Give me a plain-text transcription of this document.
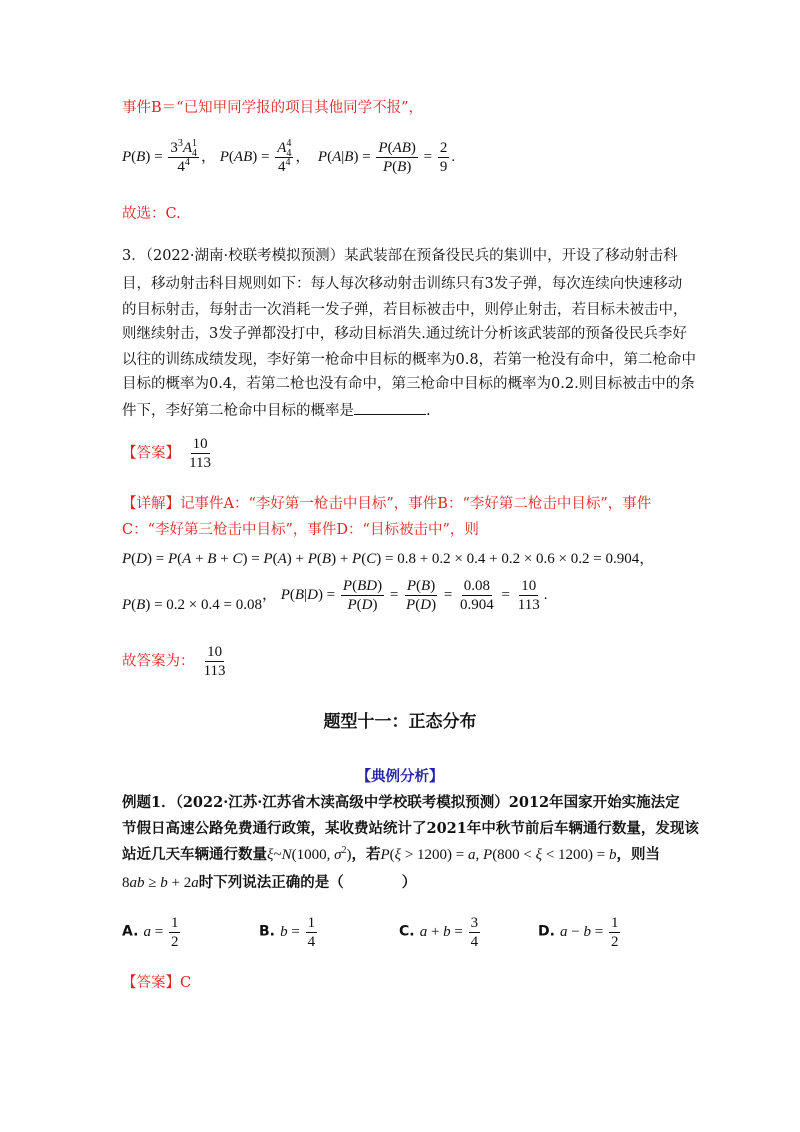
事件B＝“已知甲同学报的项目其他同学不报”，
$P(B) = \frac{3^3A^1_4}{4^4}$ ， $P(AB) = \frac{A^4_4}{4^4}$ ，  $P(A|B) = \frac{P(AB)}{P(B)} = \frac{2}{9}$ .
故选：C.
3．（2022·湖南·校联考模拟预测）某武装部在预备役民兵的集训中，开设了移动射击科
目，移动射击科目规则如下：每人每次移动射击训练只有3发子弹，每次连续向快速移动
的目标射击，每射击一次消耗一发子弹，若目标被击中，则停止射击，若目标未被击中，
则继续射击，3发子弹都没打中，移动目标消失.通过统计分析该武装部的预备役民兵李好
以往的训练成绩发现，李好第一枪命中目标的概率为0.8，若第一枪没有命中，第二枪命中
目标的概率为0.4，若第二枪也没有命中，第三枪命中目标的概率为0.2.则目标被击中的条
件下，李好第二枪命中目标的概率是	.
【答案】 $\frac{10}{113}$
【详解】记事件A：“李好第一枪击中目标”，事件B：“李好第二枪击中目标”，事件
C：“李好第三枪击中目标”，事件D：“目标被击中”，则
P(D) = P(A + B + C) = P(A) + P(B) + P(C) = 0.8 + 0.2 × 0.4 + 0.2 × 0.6 × 0.2 = 0.904，
P(B) = 0.2 × 0.4 = 0.08， $P(B|D) = \frac{P(BD)}{P(D)} = \frac{P(B)}{P(D)} = \frac{0.08}{0.904} = \frac{10}{113}$ .
故答案为： $\frac{10}{113}$
题型十一：正态分布
【典例分析】
例题1．（2022·江苏·江苏省木渎高级中学校联考模拟预测）2012年国家开始实施法定
节假日高速公路免费通行政策，某收费站统计了2021年中秋节前后车辆通行数量，发现该
站近几天车辆通行数量ξ~N(1000, $\sigma^2$)，若P(ξ > 1200) = a, P(800 < ξ < 1200) = b，则当
8ab ≥ b + 2a时下列说法正确的是（　　　　）
A. $a = \frac{1}{2}$	B. $b = \frac{1}{4}$	C. $a + b = \frac{3}{4}$	D. $a - b = \frac{1}{2}$
【答案】C
